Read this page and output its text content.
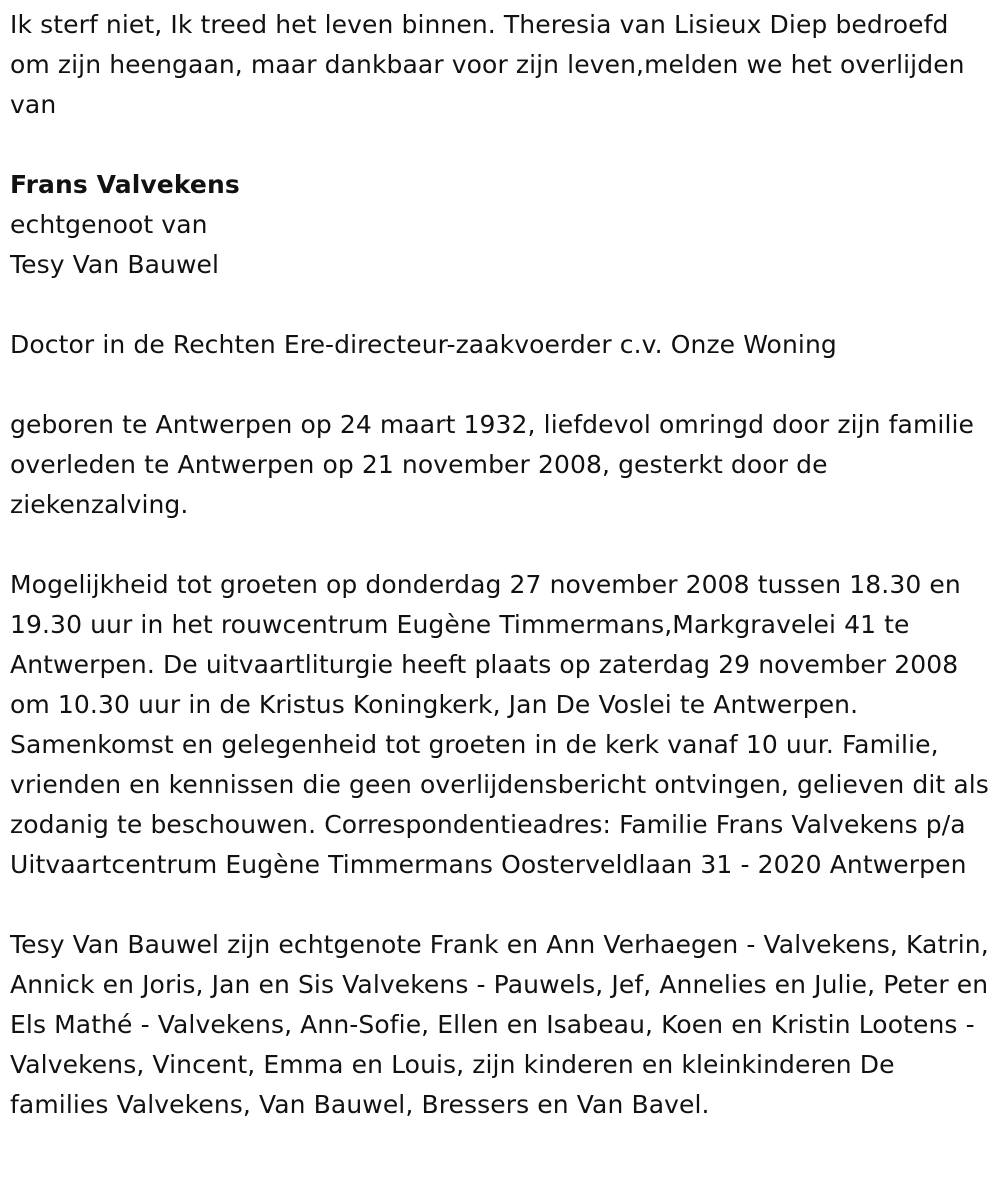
Ik sterf niet, Ik treed het leven binnen. Theresia van Lisieux Diep bedroefd om zijn heengaan, maar dankbaar voor zijn leven,melden we het overlijden van

Frans Valvekens

echtgenoot van

Tesy Van Bauwel

Doctor in de Rechten Ere-directeur-zaakvoerder c.v. Onze Woning

geboren te Antwerpen op 24 maart 1932, liefdevol omringd door zijn familie overleden te Antwerpen op 21 november 2008, gesterkt door de ziekenzalving.

Mogelijkheid tot groeten op donderdag 27 november 2008 tussen 18.30 en 19.30 uur in het rouwcentrum Eugène Timmermans,Markgravelei 41 te Antwerpen. De uitvaartliturgie heeft plaats op zaterdag 29 november 2008 om 10.30 uur in de Kristus Koningkerk, Jan De Voslei te Antwerpen. Samenkomst en gelegenheid tot groeten in de kerk vanaf 10 uur. Familie, vrienden en kennissen die geen overlijdensbericht ontvingen, gelieven dit als zodanig te beschouwen. Correspondentieadres: Familie Frans Valvekens p/a Uitvaartcentrum Eugène Timmermans Oosterveldlaan 31 - 2020 Antwerpen

Tesy Van Bauwel zijn echtgenote Frank en Ann Verhaegen - Valvekens, Katrin, Annick en Joris, Jan en Sis Valvekens - Pauwels, Jef, Annelies en Julie, Peter en Els Mathé - Valvekens, Ann-Sofie, Ellen en Isabeau, Koen en Kristin Lootens - Valvekens, Vincent, Emma en Louis, zijn kinderen en kleinkinderen De families Valvekens, Van Bauwel, Bressers en Van Bavel.
